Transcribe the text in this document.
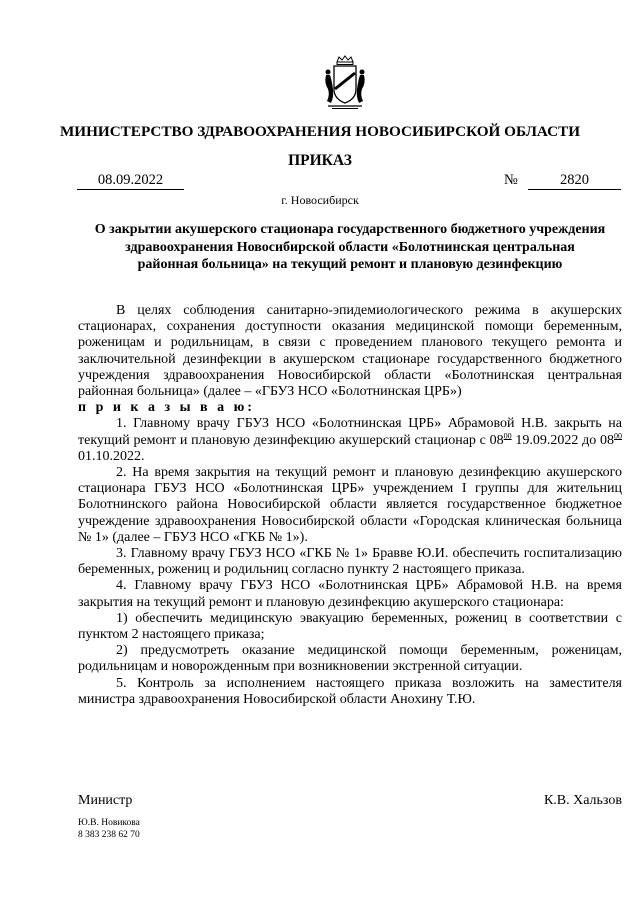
МИНИСТЕРСТВО ЗДРАВООХРАНЕНИЯ НОВОСИБИРСКОЙ ОБЛАСТИ
ПРИКАЗ
08.09.2022	№	2820
г. Новосибирск
О закрытии акушерского стационара государственного бюджетного учреждения
здравоохранения Новосибирской области «Болотнинская центральная
районная больница» на текущий ремонт и плановую дезинфекцию

В целях соблюдения санитарно-эпидемиологического режима в акушерских стационарах, сохранения доступности оказания медицинской помощи беременным, роженицам и родильницам, в связи с проведением планового текущего ремонта и заключительной дезинфекции в акушерском стационаре государственного бюджетного учреждения здравоохранения Новосибирской области «Болотнинская центральная районная больница» (далее – «ГБУЗ НСО «Болотнинская ЦРБ»)

п р и к а з ы в а ю:

1. Главному врачу ГБУЗ НСО «Болотнинская ЦРБ» Абрамовой Н.В. закрыть на текущий ремонт и плановую дезинфекцию акушерский стационар с $08^{00}$ 19.09.2022 до $08^{00}$ 01.10.2022.

2. На время закрытия на текущий ремонт и плановую дезинфекцию акушерского стационара ГБУЗ НСО «Болотнинская ЦРБ» учреждением I группы для жительниц Болотнинского района Новосибирской области является государственное бюджетное учреждение здравоохранения Новосибирской области «Городская клиническая больница № 1» (далее – ГБУЗ НСО «ГКБ № 1»).

3. Главному врачу ГБУЗ НСО «ГКБ № 1» Бравве Ю.И. обеспечить госпитализацию беременных, рожениц и родильниц согласно пункту 2 настоящего приказа.

4. Главному врачу ГБУЗ НСО «Болотнинская ЦРБ» Абрамовой Н.В. на время закрытия на текущий ремонт и плановую дезинфекцию акушерского стационара:

1) обеспечить медицинскую эвакуацию беременных, рожениц в соответствии с пунктом 2 настоящего приказа;

2) предусмотреть оказание медицинской помощи беременным, роженицам, родильницам и новорожденным при возникновении экстренной ситуации.

5. Контроль за исполнением настоящего приказа возложить на заместителя министра здравоохранения Новосибирской области Анохину Т.Ю.

Министр	К.В. Хальзов
Ю.В. Новикова
8 383 238 62 70
